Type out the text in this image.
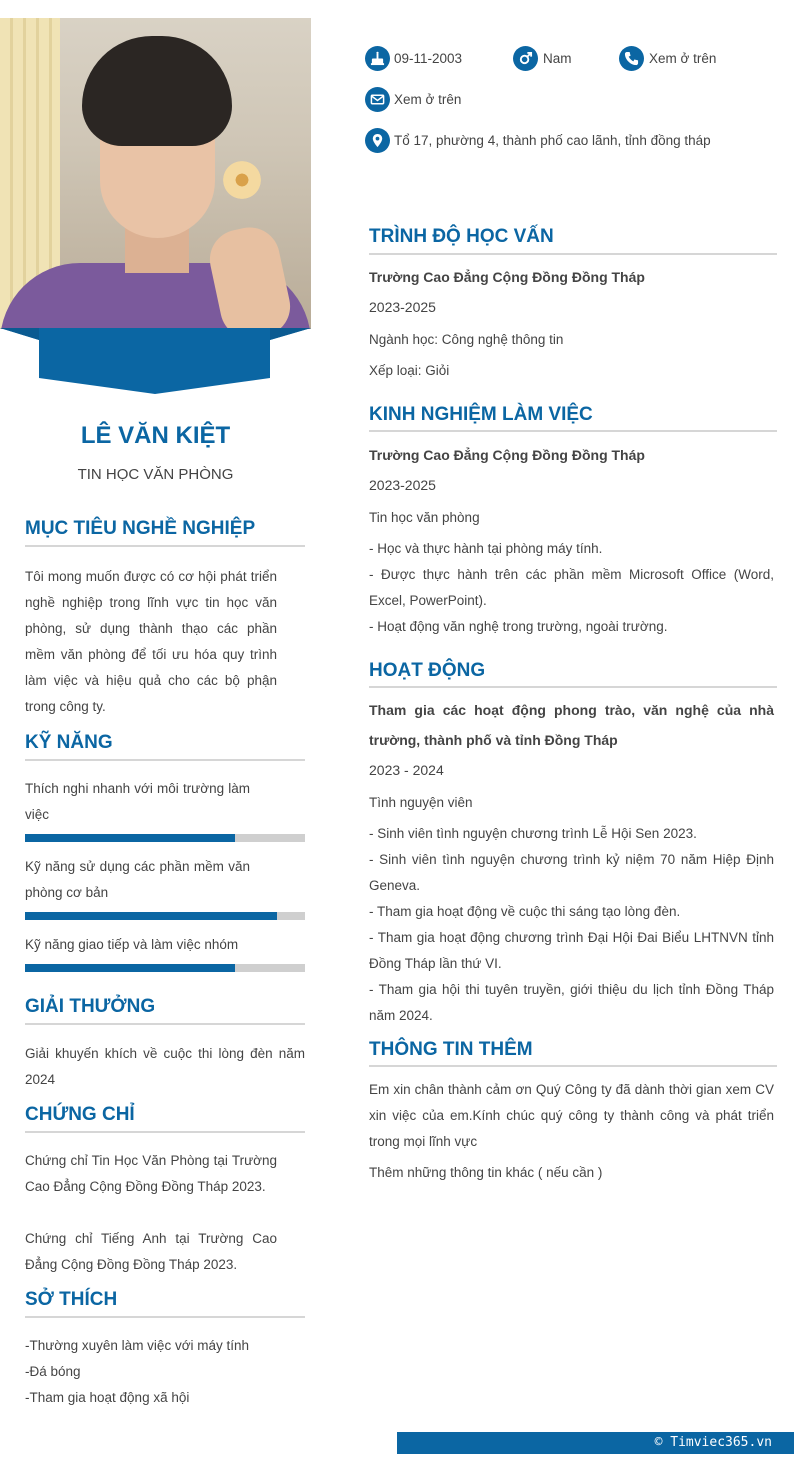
LÊ VĂN KIỆT
TIN HỌC VĂN PHÒNG
MỤC TIÊU NGHỀ NGHIỆP
Tôi mong muốn được có cơ hội phát triển nghề nghiệp trong lĩnh vực tin học văn phòng, sử dụng thành thạo các phần mềm văn phòng để tối ưu hóa quy trình làm việc và hiệu quả cho các bộ phận trong công ty.
KỸ NĂNG
Thích nghi nhanh với môi trường làm việc
Kỹ năng sử dụng các phần mềm văn phòng cơ bản
Kỹ năng giao tiếp và làm việc nhóm
GIẢI THƯỞNG
Giải khuyến khích về cuộc thi lòng đèn năm 2024
CHỨNG CHỈ
Chứng chỉ Tin Học Văn Phòng tại Trường Cao Đẳng Cộng Đồng Đồng Tháp 2023.
Chứng chỉ Tiếng Anh tại Trường Cao Đẳng Cộng Đồng Đồng Tháp 2023.
SỞ THÍCH
-Thường xuyên làm việc với máy tính
-Đá bóng
-Tham gia hoạt động xã hội
09-11-2003	Nam	Xem ở trên
Xem ở trên
Tổ 17, phường 4, thành phố cao lãnh, tỉnh đồng tháp
TRÌNH ĐỘ HỌC VẤN
Trường Cao Đẳng Cộng Đồng Đồng Tháp
2023-2025
Ngành học: Công nghệ thông tin
Xếp loại: Giỏi
KINH NGHIỆM LÀM VIỆC
Trường Cao Đẳng Cộng Đồng Đồng Tháp
2023-2025
Tin học văn phòng
- Học và thực hành tại phòng máy tính.
- Được thực hành trên các phần mềm Microsoft Office (Word, Excel, PowerPoint).
- Hoạt động văn nghệ trong trường, ngoài trường.
HOẠT ĐỘNG
Tham gia các hoạt động phong trào, văn nghệ của nhà trường, thành phố và tỉnh Đồng Tháp
2023 - 2024
Tình nguyện viên
- Sinh viên tình nguyện chương trình Lễ Hội Sen 2023.
- Sinh viên tình nguyện chương trình kỷ niệm 70 năm Hiệp Định Geneva.
- Tham gia hoạt động về cuộc thi sáng tạo lòng đèn.
- Tham gia hoạt động chương trình Đại Hội Đai Biểu LHTNVN tỉnh Đồng Tháp lần thứ VI.
- Tham gia hội thi tuyên truyền, giới thiệu du lịch tỉnh Đồng Tháp năm 2024.
THÔNG TIN THÊM
Em xin chân thành cảm ơn Quý Công ty đã dành thời gian xem CV xin việc của em.Kính chúc quý công ty thành công và phát triển trong mọi lĩnh vực
Thêm những thông tin khác ( nếu cần )
© Timviec365.vn
